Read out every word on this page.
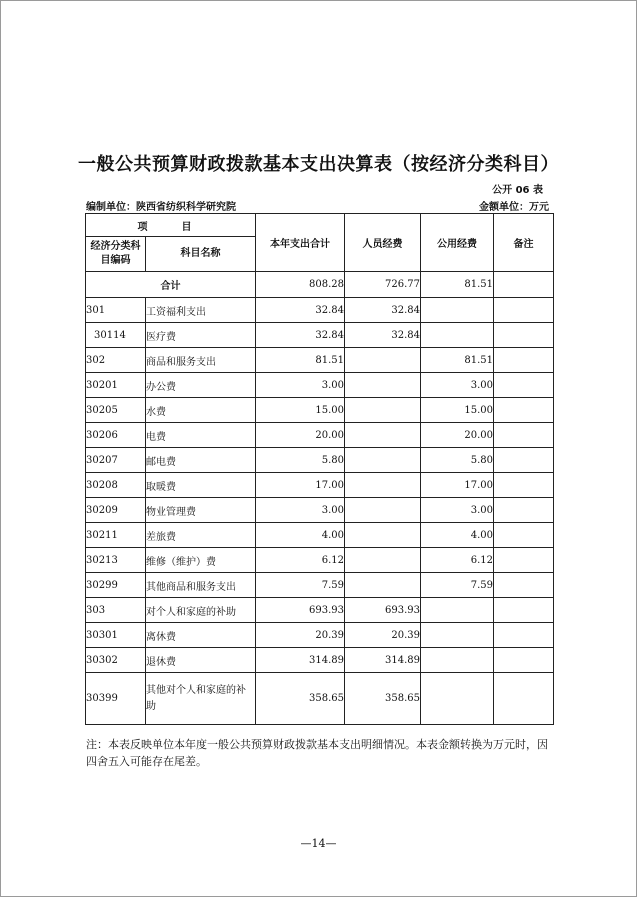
一般公共预算财政拨款基本支出决算表（按经济分类科目）
公开 06 表
编制单位：陕西省纺织科学研究院	金额单位：万元
项　目		本年支出合计	人员经费	公用经费	备注
经济分类科目编码	科目名称				
合计		808.28	726.77	81.51	
301	工资福利支出	32.84	32.84		
30114	医疗费	32.84	32.84		
302	商品和服务支出	81.51		81.51	
30201	办公费	3.00		3.00	
30205	水费	15.00		15.00	
30206	电费	20.00		20.00	
30207	邮电费	5.80		5.80	
30208	取暖费	17.00		17.00	
30209	物业管理费	3.00		3.00	
30211	差旅费	4.00		4.00	
30213	维修（维护）费	6.12		6.12	
30299	其他商品和服务支出	7.59		7.59	
303	对个人和家庭的补助	693.93	693.93		
30301	离休费	20.39	20.39		
30302	退休费	314.89	314.89		
30399	其他对个人和家庭的补助	358.65	358.65		
注：本表反映单位本年度一般公共预算财政拨款基本支出明细情况。本表金额转换为万元时，因四舍五入可能存在尾差。
—14—
